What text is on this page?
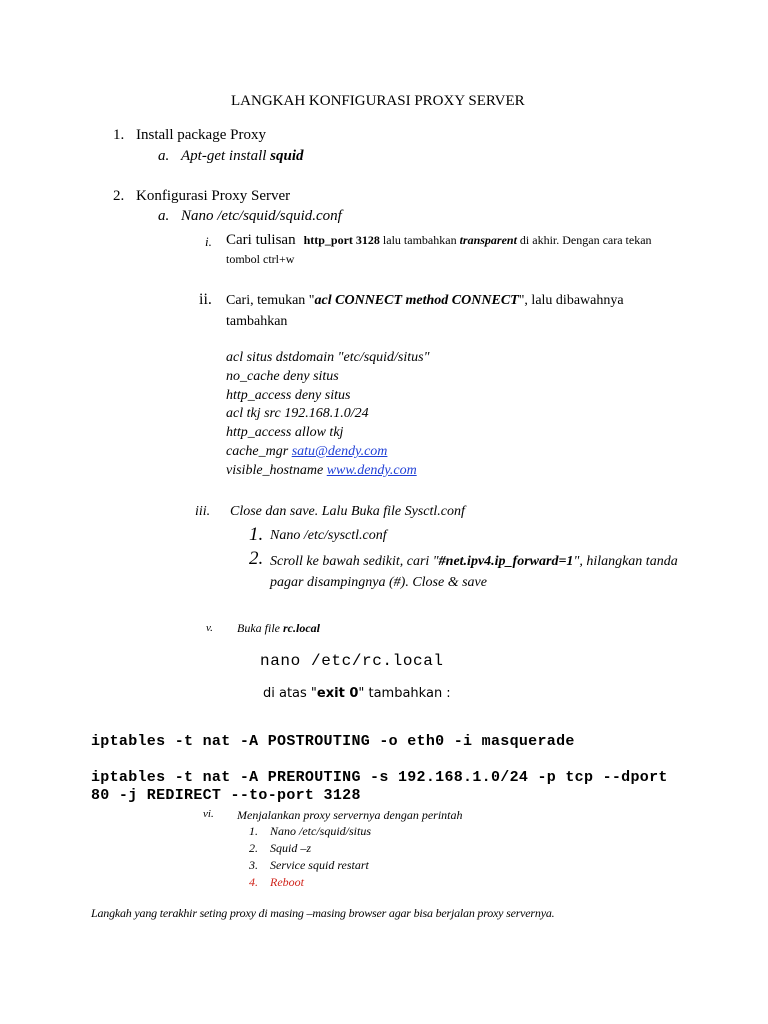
LANGKAH KONFIGURASI PROXY SERVER
1. Install package Proxy
a. Apt-get install squid
2. Konfigurasi Proxy Server
a. Nano /etc/squid/squid.conf
i. Cari tulisan http_port 3128 lalu tambahkan transparent di akhir. Dengan cara tekan
tombol ctrl+w
ii. Cari, temukan "acl CONNECT method CONNECT", lalu dibawahnya
tambahkan
acl situs dstdomain "etc/squid/situs"
no_cache deny situs
http_access deny situs
acl tkj src 192.168.1.0/24
http_access allow tkj
cache_mgr satu@dendy.com
visible_hostname www.dendy.com
iii. Close dan save. Lalu Buka file Sysctl.conf
1. Nano /etc/sysctl.conf
2. Scroll ke bawah sedikit, cari "#net.ipv4.ip_forward=1", hilangkan tanda
pagar disampingnya (#). Close & save
v. Buka file rc.local
nano /etc/rc.local
di atas "exit 0" tambahkan :
iptables -t nat -A POSTROUTING -o eth0 -i masquerade
iptables -t nat -A PREROUTING -s 192.168.1.0/24 -p tcp --dport
80 -j REDIRECT --to-port 3128
vi. Menjalankan proxy servernya dengan perintah
1. Nano /etc/squid/situs
2. Squid –z
3. Service squid restart
4. Reboot
Langkah yang terakhir seting proxy di masing –masing browser agar bisa berjalan proxy servernya.
